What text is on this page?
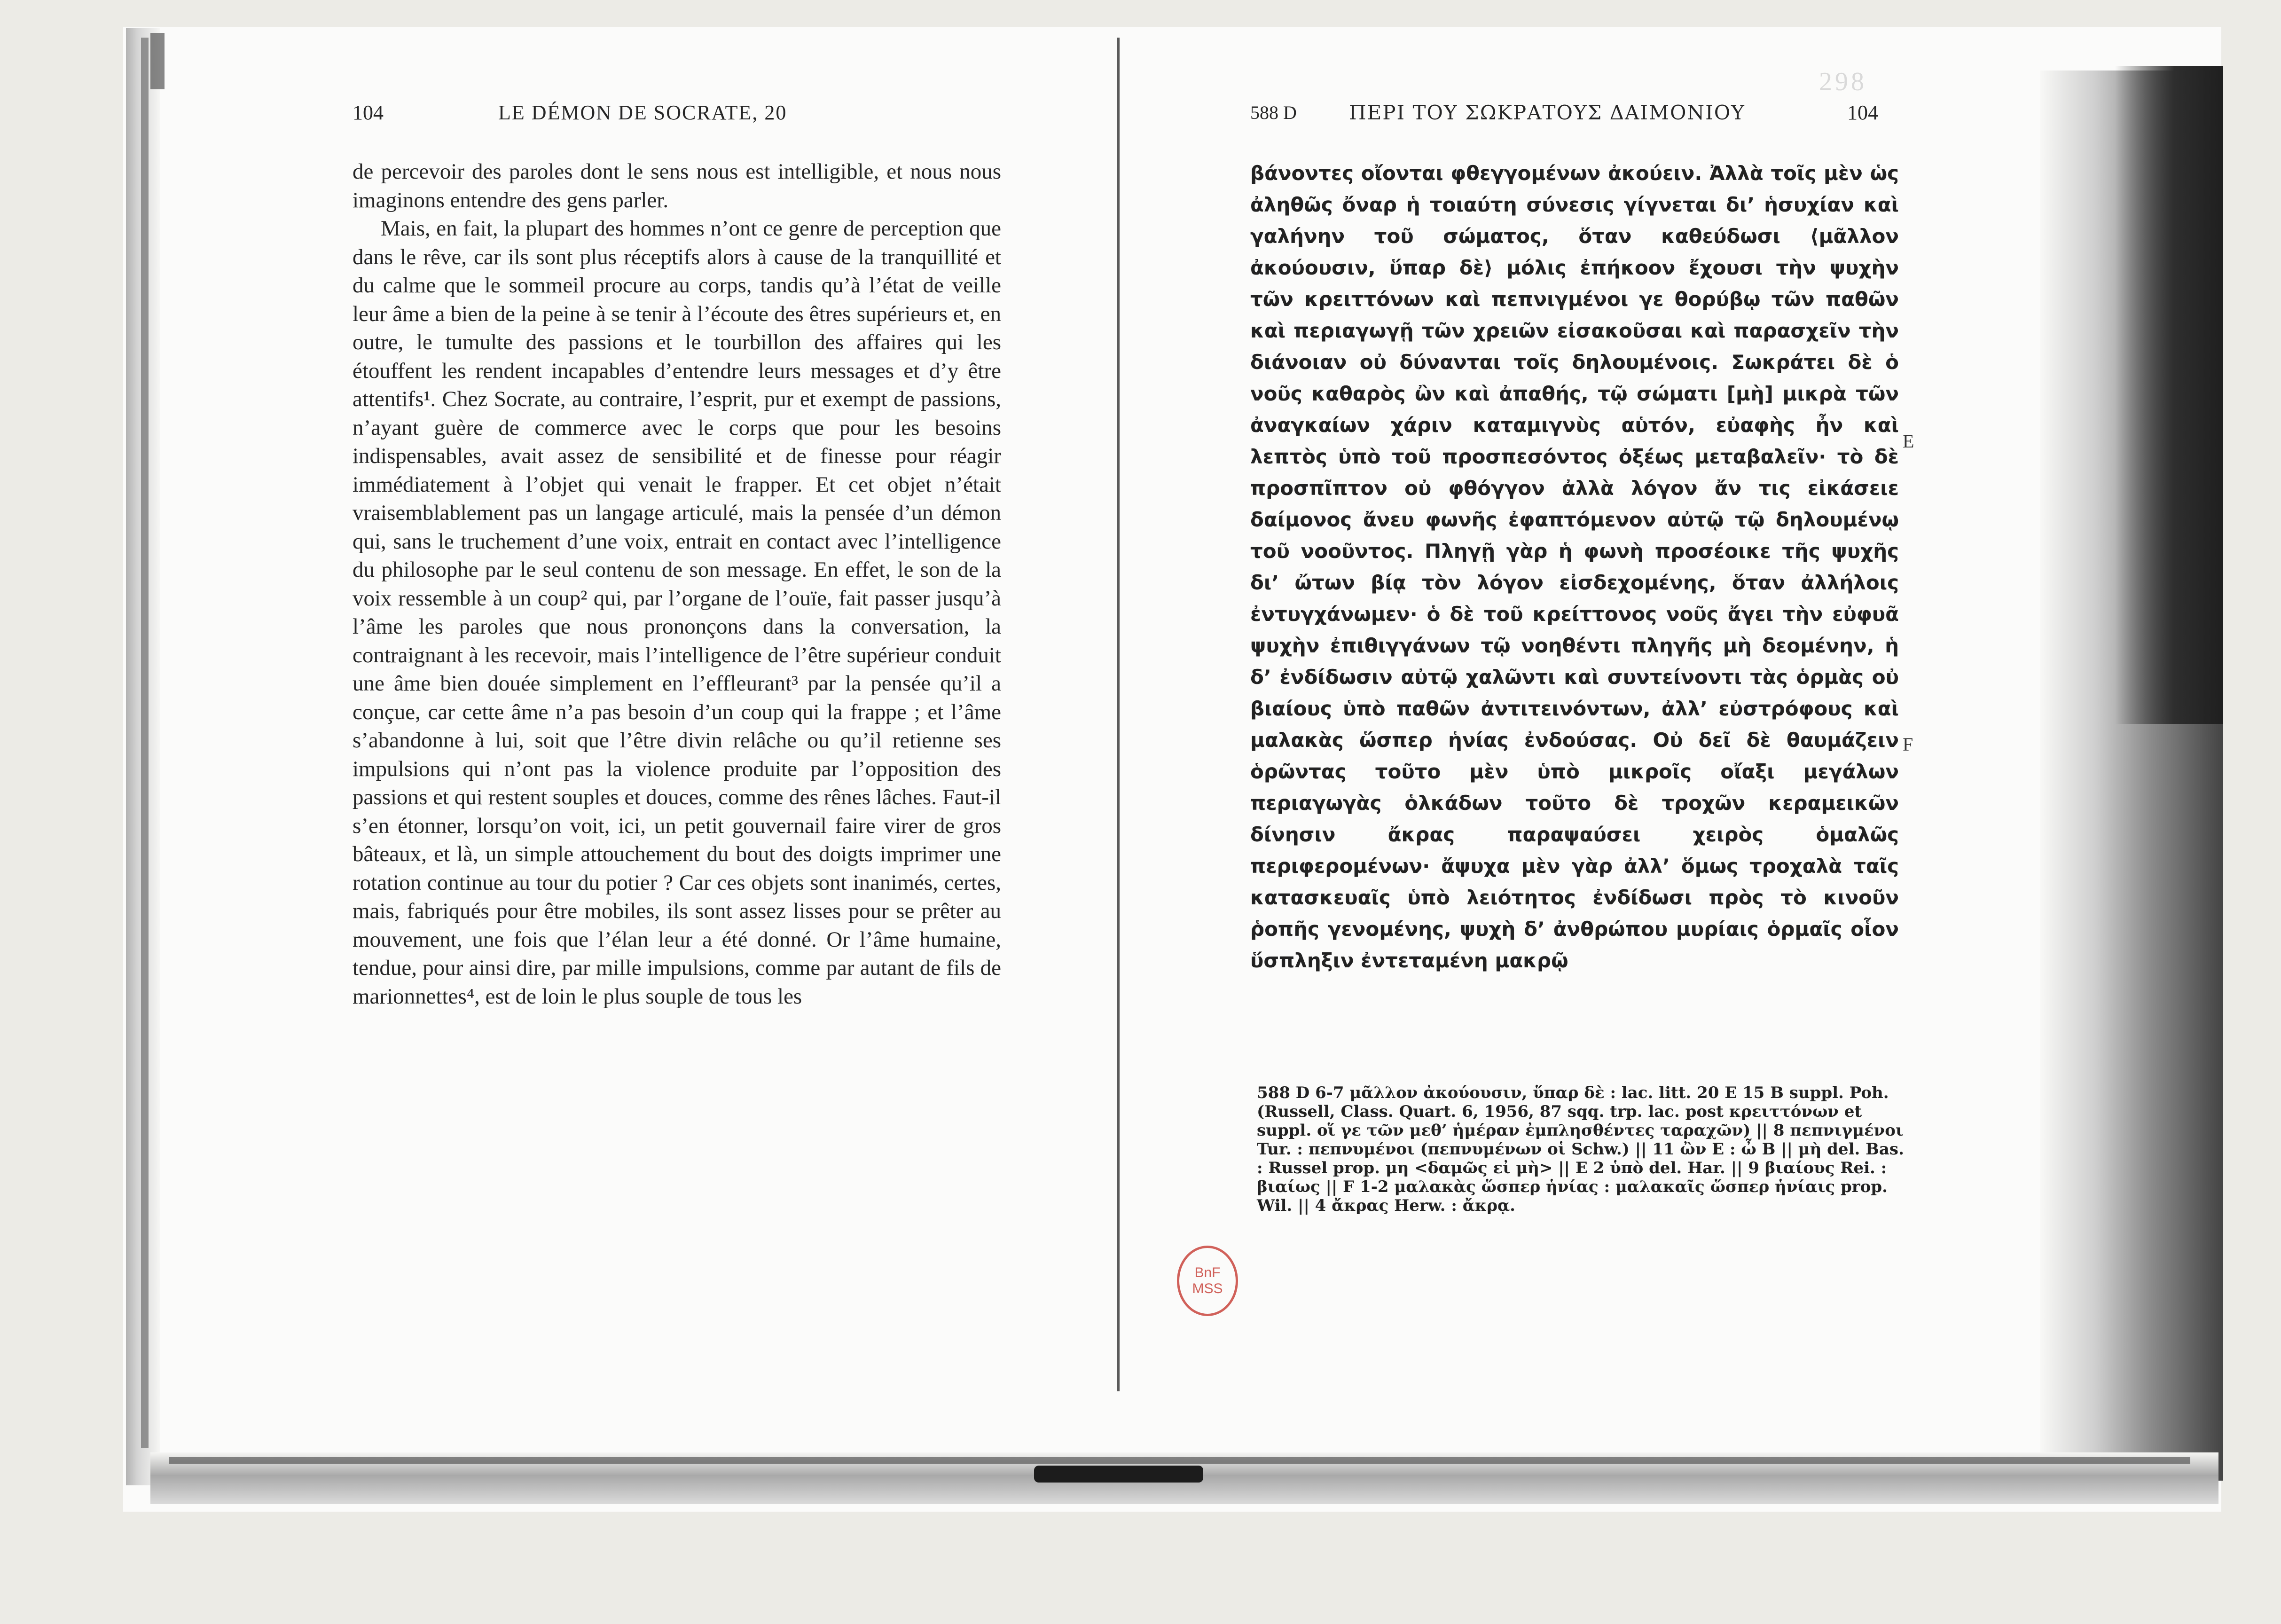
104	LE DÉMON DE SOCRATE, 20

de percevoir des paroles dont le sens nous est intelligible, et nous nous imaginons entendre des gens parler.

Mais, en fait, la plupart des hommes n’ont ce genre de perception que dans le rêve, car ils sont plus réceptifs alors à cause de la tranquillité et du calme que le sommeil procure au corps, tandis qu’à l’état de veille leur âme a bien de la peine à se tenir à l’écoute des êtres supérieurs et, en outre, le tumulte des passions et le tourbillon des affaires qui les étouffent les rendent incapables d’entendre leurs messages et d’y être attentifs¹. Chez Socrate, au contraire, l’esprit, pur et exempt de passions, n’ayant guère de commerce avec le corps que pour les besoins indispensables, avait assez de sensibilité et de finesse pour réagir immédiatement à l’objet qui venait le frapper. Et cet objet n’était vraisemblablement pas un langage articulé, mais la pensée d’un démon qui, sans le truchement d’une voix, entrait en contact avec l’intelligence du philosophe par le seul contenu de son message. En effet, le son de la voix ressemble à un coup² qui, par l’organe de l’ouïe, fait passer jusqu’à l’âme les paroles que nous prononçons dans la conversation, la contraignant à les recevoir, mais l’intelligence de l’être supérieur conduit une âme bien douée simplement en l’effleurant³ par la pensée qu’il a conçue, car cette âme n’a pas besoin d’un coup qui la frappe ; et l’âme s’abandonne à lui, soit que l’être divin relâche ou qu’il retienne ses impulsions qui n’ont pas la violence produite par l’opposition des passions et qui restent souples et douces, comme des rênes lâches. Faut-il s’en étonner, lorsqu’on voit, ici, un petit gouvernail faire virer de gros bâteaux, et là, un simple attouchement du bout des doigts imprimer une rotation continue au tour du potier ? Car ces objets sont inanimés, certes, mais, fabriqués pour être mobiles, ils sont assez lisses pour se prêter au mouvement, une fois que l’élan leur a été donné. Or l’âme humaine, tendue, pour ainsi dire, par mille impulsions, comme par autant de fils de marionnettes⁴, est de loin le plus souple de tous les

298
588 D	ΠΕΡΙ ΤΟΥ ΣΩΚΡΑΤΟΥΣ ΔΑΙΜΟΝΙΟΥ	104
βάνοντες οἴονται φθεγγομένων ἀκούειν. Ἀλλὰ τοῖς μὲν ὡς ἀληθῶς ὄναρ ἡ τοιαύτη σύνεσις γίγνεται δι’ ἡσυχίαν καὶ γαλήνην τοῦ σώματος, ὅταν καθεύδωσι ⟨μᾶλλον ἀκούουσιν, ὕπαρ δὲ⟩ μόλις ἐπήκοον ἔχουσι τὴν ψυχὴν τῶν κρειττόνων καὶ πεπνιγμένοι γε θορύβῳ τῶν παθῶν καὶ περιαγωγῇ τῶν χρειῶν εἰσακοῦσαι καὶ παρασχεῖν τὴν διάνοιαν οὐ δύνανται τοῖς δηλουμένοις. Σωκράτει δὲ ὁ νοῦς καθαρὸς ὢν καὶ ἀπαθής, τῷ σώματι [μὴ] μικρὰ τῶν ἀναγκαίων χάριν καταμιγνὺς αὑτόν, εὐαφὴς ἦν καὶ λεπτὸς ὑπὸ τοῦ προσπεσόντος ὀξέως μεταβαλεῖν· τὸ δὲ προσπῖπτον οὐ φθόγγον ἀλλὰ λόγον ἄν τις εἰκάσειε δαίμονος ἄνευ φωνῆς ἐφαπτόμενον αὐτῷ τῷ δηλουμένῳ τοῦ νοοῦντος. Πληγῇ γὰρ ἡ φωνὴ προσέοικε τῆς ψυχῆς δι’ ὤτων βίᾳ τὸν λόγον εἰσδεχομένης, ὅταν ἀλλήλοις ἐντυγχάνωμεν· ὁ δὲ τοῦ κρείττονος νοῦς ἄγει τὴν εὐφυᾶ ψυχὴν ἐπιθιγγάνων τῷ νοηθέντι πληγῆς μὴ δεομένην, ἡ δ’ ἐνδίδωσιν αὐτῷ χαλῶντι καὶ συντείνοντι τὰς ὁρμὰς οὐ βιαίους ὑπὸ παθῶν ἀντιτεινόντων, ἀλλ’ εὐστρόφους καὶ μαλακὰς ὥσπερ ἡνίας ἐνδούσας. Οὐ δεῖ δὲ θαυμάζειν ὁρῶντας τοῦτο μὲν ὑπὸ μικροῖς οἴαξι μεγάλων περιαγωγὰς ὁλκάδων τοῦτο δὲ τροχῶν κεραμεικῶν δίνησιν ἄκρας παραψαύσει χειρὸς ὁμαλῶς περιφερομένων· ἄψυχα μὲν γὰρ ἀλλ’ ὅμως τροχαλὰ ταῖς κατασκευαῖς ὑπὸ λειότητος ἐνδίδωσι πρὸς τὸ κινοῦν ῥοπῆς γενομένης, ψυχὴ δ’ ἀνθρώπου μυρίαις ὁρμαῖς οἷον ὕσπληξιν ἐντεταμένη μακρῷ
E
F
588 D 6-7 μᾶλλον ἀκούουσιν, ὕπαρ δὲ : lac. litt. 20 E 15 B suppl. Poh. (Russell, Class. Quart. 6, 1956, 87 sqq. trp. lac. post κρειττόνων et suppl. οἵ γε τῶν μεθ’ ἡμέραν ἐμπλησθέντες ταραχῶν) || 8 πεπνιγμένοι Tur. : πεπνυμένοι (πεπνυμένων οἱ Schw.) || 11 ὢν E : ὦ B || μὴ del. Bas. : Russel prop. μη <δαμῶς εἰ μὴ> || E 2 ὑπὸ del. Har. || 9 βιαίους Rei. : βιαίως || F 1-2 μαλακὰς ὥσπερ ἡνίας : μαλακαῖς ὥσπερ ἡνίαις prop. Wil. || 4 ἄκρας Herw. : ἄκρᾳ.
BnF
MSS
